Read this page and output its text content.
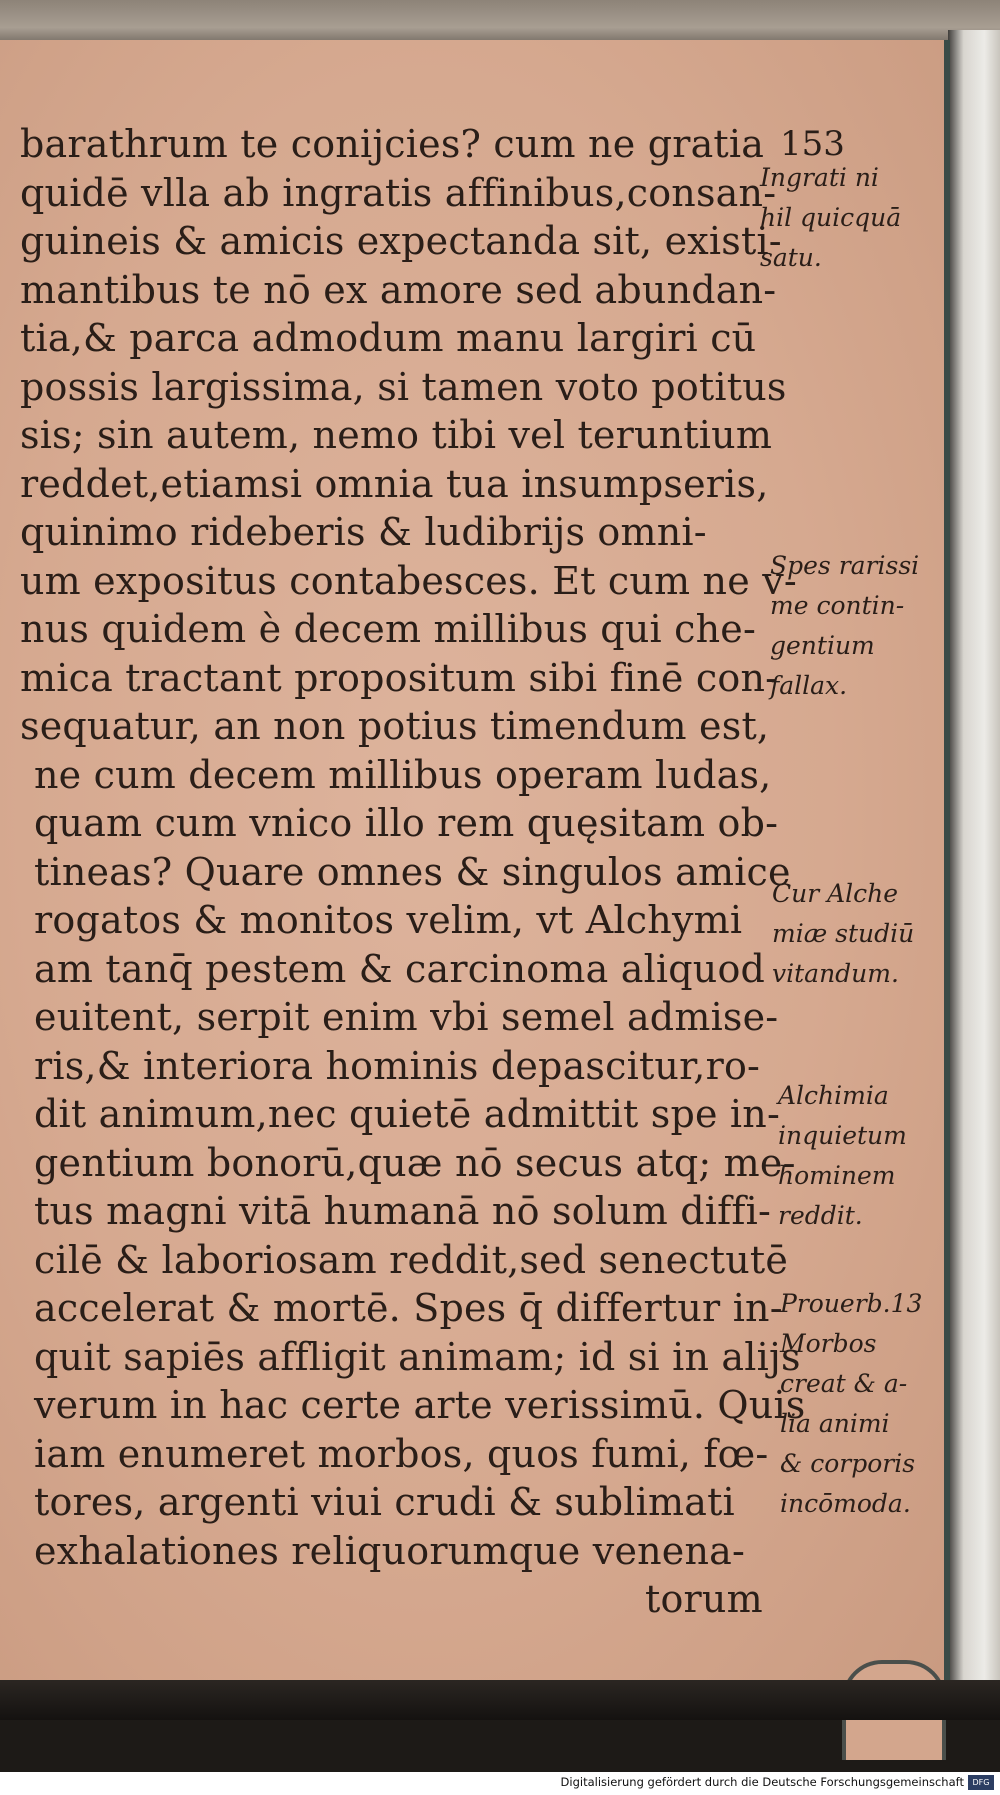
153
barathrum te conijcies? cum ne gratia
quidē vlla ab ingratis affinibus,consan-
guineis & amicis expectanda sit, existi-
mantibus te nō ex amore sed abundan-
tia,& parca admodum manu largiri cū
possis largissima, si tamen voto potitus
sis; sin autem, nemo tibi vel teruntium
reddet,etiamsi omnia tua insumpseris,
quinimo rideberis & ludibrijs omni-
um expositus contabesces. Et cum ne v-
nus quidem è decem millibus qui che-
mica tractant propositum sibi finē con-
sequatur, an non potius timendum est,
ne cum decem millibus operam ludas,
quam cum vnico illo rem quęsitam ob-
tineas? Quare omnes & singulos amice
rogatos & monitos velim, vt Alchymi
am tanq̄ pestem & carcinoma aliquod
euitent, serpit enim vbi semel admise-
ris,& interiora hominis depascitur,ro-
dit animum,nec quietē admittit spe in-
gentium bonorū,quæ nō secus atq; me-
tus magni vitā humanā nō solum diffi-
cilē & laboriosam reddit,sed senectutē
accelerat & mortē. Spes q̄ differtur in-
quit sapiēs affligit animam; id si in alijs
verum in hac certe arte verissimū. Quis
iam enumeret morbos, quos fumi, fœ-
tores, argenti viui crudi & sublimati
exhalationes reliquorumque venena-
torum
Ingrati ni
hil quicquā
satu.
Spes rarissi
me contin-
gentium
fallax.
Cur Alche
miæ studiū
vitandum.
Alchimia
inquietum
hominem
reddit.
Prouerb.13
Morbos
creat & a-
lia animi
& corporis
incōmoda.
Digitalisierung gefördert durch die Deutsche Forschungsgemeinschaft	DFG
